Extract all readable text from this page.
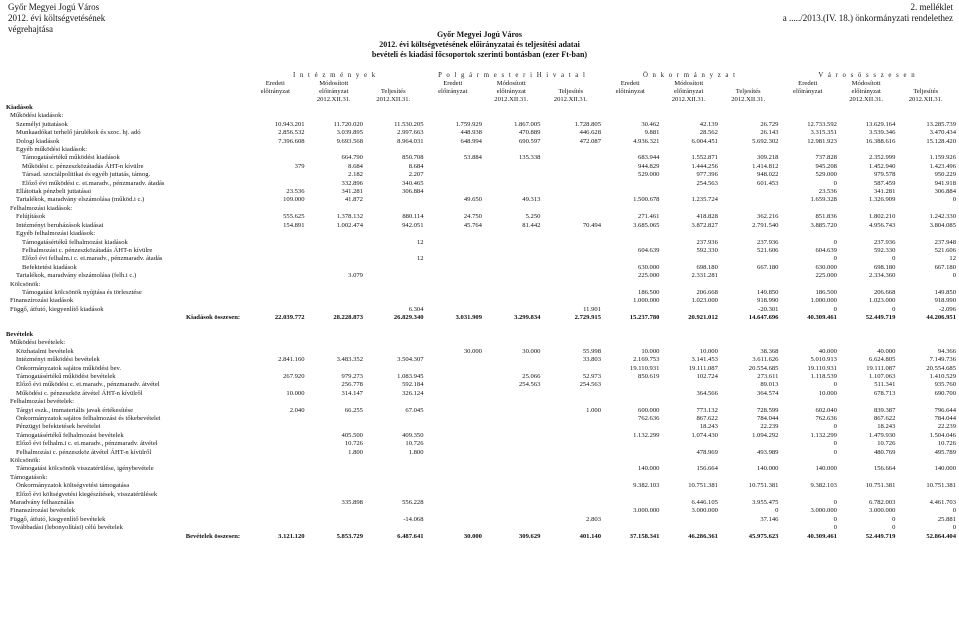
Győr Megyei Jogú Város
2012. évi költségvetésének
végrehajtása
2. melléklet
a ...../2013.(IV. 18.) önkormányzati rendelethez
Győr Megyei Jogú Város
2012. évi költségvetésének előirányzatai és teljesítési adatai
bevételi és kiadási főcsoportok szerinti bontásban (ezer Ft-ban)
	I n t é z m é n y e k			P o l g á r m e s t e r i H i v a t a l			Ö n k o r m á n y z a t			V á r o s ö s s z e s e n		
	Eredeti	Módosított		Eredeti	Módosított		Eredeti	Módosított		Eredeti	Módosított	
	előirányzat	előirányzat	Teljesítés	előirányzat	előirányzat	Teljesítés	előirányzat	előirányzat	Teljesítés	előirányzat	előirányzat	Teljesítés
		2012.XII.31.	2012.XII.31.		2012.XII.31.	2012.XII.31.		2012.XII.31.	2012.XII.31.		2012.XII.31.	2012.XII.31.
Kiadások												
Működési kiadások:												
Személyi juttatások	10.943.201	11.720.020	11.530.205	1.759.929	1.867.005	1.728.805	30.462	42.139	26.729	12.733.592	13.629.164	13.285.739
Munkaadókat terhelő járulékok és szoc. hj. adó	2.856.532	3.039.895	2.997.663	448.938	470.889	446.628	9.881	28.562	26.143	3.315.351	3.539.346	3.470.434
Dologi kiadások	7.396.608	9.693.568	8.964.031	648.994	690.597	472.087	4.936.321	6.004.451	5.692.302	12.981.923	16.388.616	15.128.420
Egyéb működési kiadások:												
Támogatásértékű működési kiadások		664.790	850.708	53.884	135.338		683.944	1.552.871	309.218	737.828	2.352.999	1.159.926
Működési c. pénzeszközátadás ÁHT-n kívülre	379	8.684	8.684				944.829	1.444.256	1.414.812	945.208	1.452.940	1.423.496
Társad. szociálpolitikai és egyéb juttatás, támog.		2.182	2.207				529.000	977.396	948.022	529.000	979.578	950.229
Előző évi működési c. ei.maradv., pénzmaradv. átadás		332.896	340.465					254.563	601.453	0	587.459	941.918
Ellátottak pénzbeli juttatásai	23.536	341.281	306.884							23.536	341.281	306.884
Tartalékok, maradvány elszámolása (működ.i c.)	109.000	41.872		49.650	49.313		1.500.678	1.235.724		1.659.328	1.326.909	0
Felhalmozási kiadások:												
Felújítások	555.625	1.378.132	880.114	24.750	5.250		271.461	418.828	362.216	851.836	1.802.210	1.242.330
Intézményi beruházások kiadásai	154.891	1.002.474	942.051	45.764	81.442	70.494	3.685.065	3.872.827	2.791.540	3.885.720	4.956.743	3.804.085
Egyéb felhalmozási kiadások:												
Támogatásértékű felhalmozási kiadások			12					237.936	237.936	0	237.936	237.948
Felhalmozási c. pénzeszközátadás ÁHT-n kívülre							604.639	592.330	521.606	604.639	592.330	521.606
Előző évi felhalm.i c. ei.maradv., pénzmaradv. átadás			12							0	0	12
Befektetési kiadások							630.000	698.180	667.180	630.000	698.180	667.180
Tartalékok, maradvány elszámolása (felh.i c.)		3.079					225.000	2.331.281		225.000	2.334.360	0
Kölcsönök:												
Támogatási kölcsönök nyújtása és törlesztése							186.500	206.668	149.850	186.500	206.668	149.850
Finanszírozási kiadások							1.000.000	1.023.000	918.990	1.000.000	1.023.000	918.990
Függő, átfutó, kiegyenlítő kiadások			6.304			11.901			-20.301	0	0	-2.096
Kiadások összesen:	22.039.772	28.228.873	26.829.340	3.031.909	3.299.834	2.729.915	15.237.780	20.921.012	14.647.696	40.309.461	52.449.719	44.206.951

Bevételek												
Működési bevételek:												
Közhatalmi bevételek				30.000	30.000	55.998	10.000	10.000	38.368	40.000	40.000	94.366
Intézményi működési bevételek	2.841.160	3.483.352	3.504.307			33.803	2.169.753	3.141.453	3.611.626	5.010.913	6.624.805	7.149.736
Önkormányzatok sajátos működési bev.							19.110.931	19.111.087	20.554.685	19.110.931	19.111.087	20.554.685
Támogatásértékű működési bevételek	267.920	979.273	1.083.945		25.066	52.973	850.619	102.724	273.611	1.118.539	1.107.063	1.410.529
Előző évi működési c. ei.maradv., pénzmaradv. átvétel		256.778	592.184		254.563	254.563			89.013	0	511.341	935.760
Működési c. pénzeszköz átvétel ÁHT-n kívülről	10.000	314.147	326.124					364.566	364.574	10.000	678.713	690.700
Felhalmozási bevételek:												
Tárgyi eszk., immateriális javak értékesítése	2.040	66.255	67.045			1.000	600.000	773.132	728.599	602.040	839.387	796.644
Önkormányzatok sajátos felhalmozási és tőkebevételei							762.636	867.622	784.044	762.636	867.622	784.044
Pénzügyi befektetések bevételei								18.243	22.239	0	18.243	22.239
Támogatásértékű felhalmozási bevételek		405.500	409.350				1.132.299	1.074.430	1.094.292	1.132.299	1.479.930	1.504.046
Előző évi felhalm.i c. ei.maradv., pénzmaradv. átvétel		10.726	10.726							0	10.726	10.726
Felhalmozási c. pénzeszköz átvétel ÁHT-n kívülről		1.800	1.800					478.969	493.989	0	480.769	495.789
Kölcsönök:												
Támogatási kölcsönök visszatérülése, igénybevétele							140.000	156.664	140.000	140.000	156.664	140.000
Támogatások:												
Önkormányzatok költségvetési támogatása							9.382.103	10.751.381	10.751.381	9.382.103	10.751.381	10.751.381
Előző évi költségvetési kiegészítések, visszatérülések												
Maradvány felhasználás		335.898	556.228					6.446.105	3.955.475	0	6.782.003	4.461.703
Finanszírozási bevételek							3.000.000	3.000.000	0	3.000.000	3.000.000	0
Függő, átfutó, kiegyenlítő bevételek			-14.068			2.803			37.146	0	0	25.881
Továbbadási (lebonyolítási) célú bevételek										0	0	0
Bevételek összesen:	3.121.120	5.853.729	6.487.641	30.000	309.629	401.140	37.158.341	46.286.361	45.975.623	40.309.461	52.449.719	52.864.404
